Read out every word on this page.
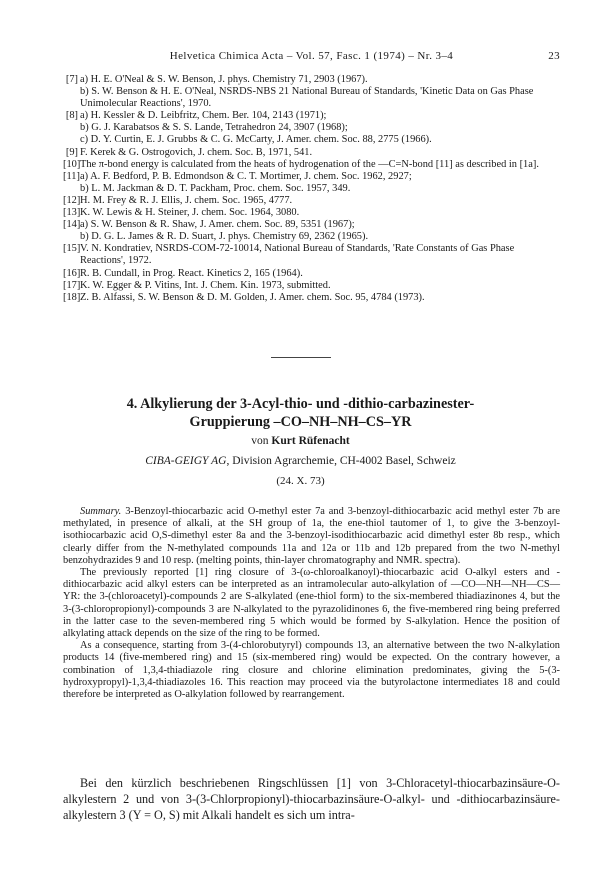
Helvetica Chimica Acta – Vol. 57, Fasc. 1 (1974) – Nr. 3–4	23
[7] a) H. E. O'Neal & S. W. Benson, J. phys. Chemistry 71, 2903 (1967).
b) S. W. Benson & H. E. O'Neal, NSRDS-NBS 21 National Bureau of Standards, 'Kinetic Data on Gas Phase Unimolecular Reactions', 1970.
[8] a) H. Kessler & D. Leibfritz, Chem. Ber. 104, 2143 (1971);
b) G. J. Karabatsos & S. S. Lande, Tetrahedron 24, 3907 (1968);
c) D. Y. Curtin, E. J. Grubbs & C. G. McCarty, J. Amer. chem. Soc. 88, 2775 (1966).
[9] F. Kerek & G. Ostrogovich, J. chem. Soc. B, 1971, 541.
[10] The π-bond energy is calculated from the heats of hydrogenation of the —C=N-bond [11] as described in [1a].
[11] a) A. F. Bedford, P. B. Edmondson & C. T. Mortimer, J. chem. Soc. 1962, 2927;
b) L. M. Jackman & D. T. Packham, Proc. chem. Soc. 1957, 349.
[12] H. M. Frey & R. J. Ellis, J. chem. Soc. 1965, 4777.
[13] K. W. Lewis & H. Steiner, J. chem. Soc. 1964, 3080.
[14] a) S. W. Benson & R. Shaw, J. Amer. chem. Soc. 89, 5351 (1967);
b) D. G. L. James & R. D. Suart, J. phys. Chemistry 69, 2362 (1965).
[15] V. N. Kondratiev, NSRDS-COM-72-10014, National Bureau of Standards, 'Rate Constants of Gas Phase Reactions', 1972.
[16] R. B. Cundall, in Prog. React. Kinetics 2, 165 (1964).
[17] K. W. Egger & P. Vitins, Int. J. Chem. Kin. 1973, submitted.
[18] Z. B. Alfassi, S. W. Benson & D. M. Golden, J. Amer. chem. Soc. 95, 4784 (1973).
4. Alkylierung der 3-Acyl-thio- und -dithio-carbazinester-
Gruppierung –CO–NH–NH–CS–YR
von Kurt Rüfenacht
CIBA-GEIGY AG, Division Agrarchemie, CH-4002 Basel, Schweiz
(24. X. 73)

Summary. 3-Benzoyl-thiocarbazic acid O-methyl ester 7a and 3-benzoyl-dithiocarbazic acid methyl ester 7b are methylated, in presence of alkali, at the SH group of 1a, the ene-thiol tautomer of 1, to give the 3-benzoyl-isothiocarbazic acid O,S-dimethyl ester 8a and the 3-benzoyl-isodithiocarbazic acid dimethyl ester 8b resp., which clearly differ from the N-methylated compounds 11a and 12a or 11b and 12b prepared from the two N-methyl benzohydrazides 9 and 10 resp. (melting points, thin-layer chromatography and NMR. spectra).

The previously reported [1] ring closure of 3-(ω-chloroalkanoyl)-thiocarbazic acid O-alkyl esters and -dithiocarbazic acid alkyl esters can be interpreted as an intramolecular auto-alkylation of —CO—NH—NH—CS—YR: the 3-(chloroacetyl)-compounds 2 are S-alkylated (ene-thiol form) to the six-membered thiadiazinones 4, but the 3-(3-chloropropionyl)-compounds 3 are N-alkylated to the pyrazolidinones 6, the five-membered ring being preferred in the latter case to the seven-membered ring 5 which would be formed by S-alkylation. Hence the position of alkylating attack depends on the size of the ring to be formed.

As a consequence, starting from 3-(4-chlorobutyryl) compounds 13, an alternative between the two N-alkylation products 14 (five-membered ring) and 15 (six-membered ring) would be expected. On the contrary however, a combination of 1,3,4-thiadiazole ring closure and chlorine elimination predominates, giving the 5-(3-hydroxypropyl)-1,3,4-thiadiazoles 16. This reaction may proceed via the butyrolactone intermediates 18 and could therefore be interpreted as O-alkylation followed by rearrangement.

Bei den kürzlich beschriebenen Ringschlüssen [1] von 3-Chloracetyl-thiocarbazinsäure-O-alkylestern 2 und von 3-(3-Chlorpropionyl)-thiocarbazinsäure-O-alkyl- und -dithiocarbazinsäure-alkylestern 3 (Y = O, S) mit Alkali handelt es sich um intra-
